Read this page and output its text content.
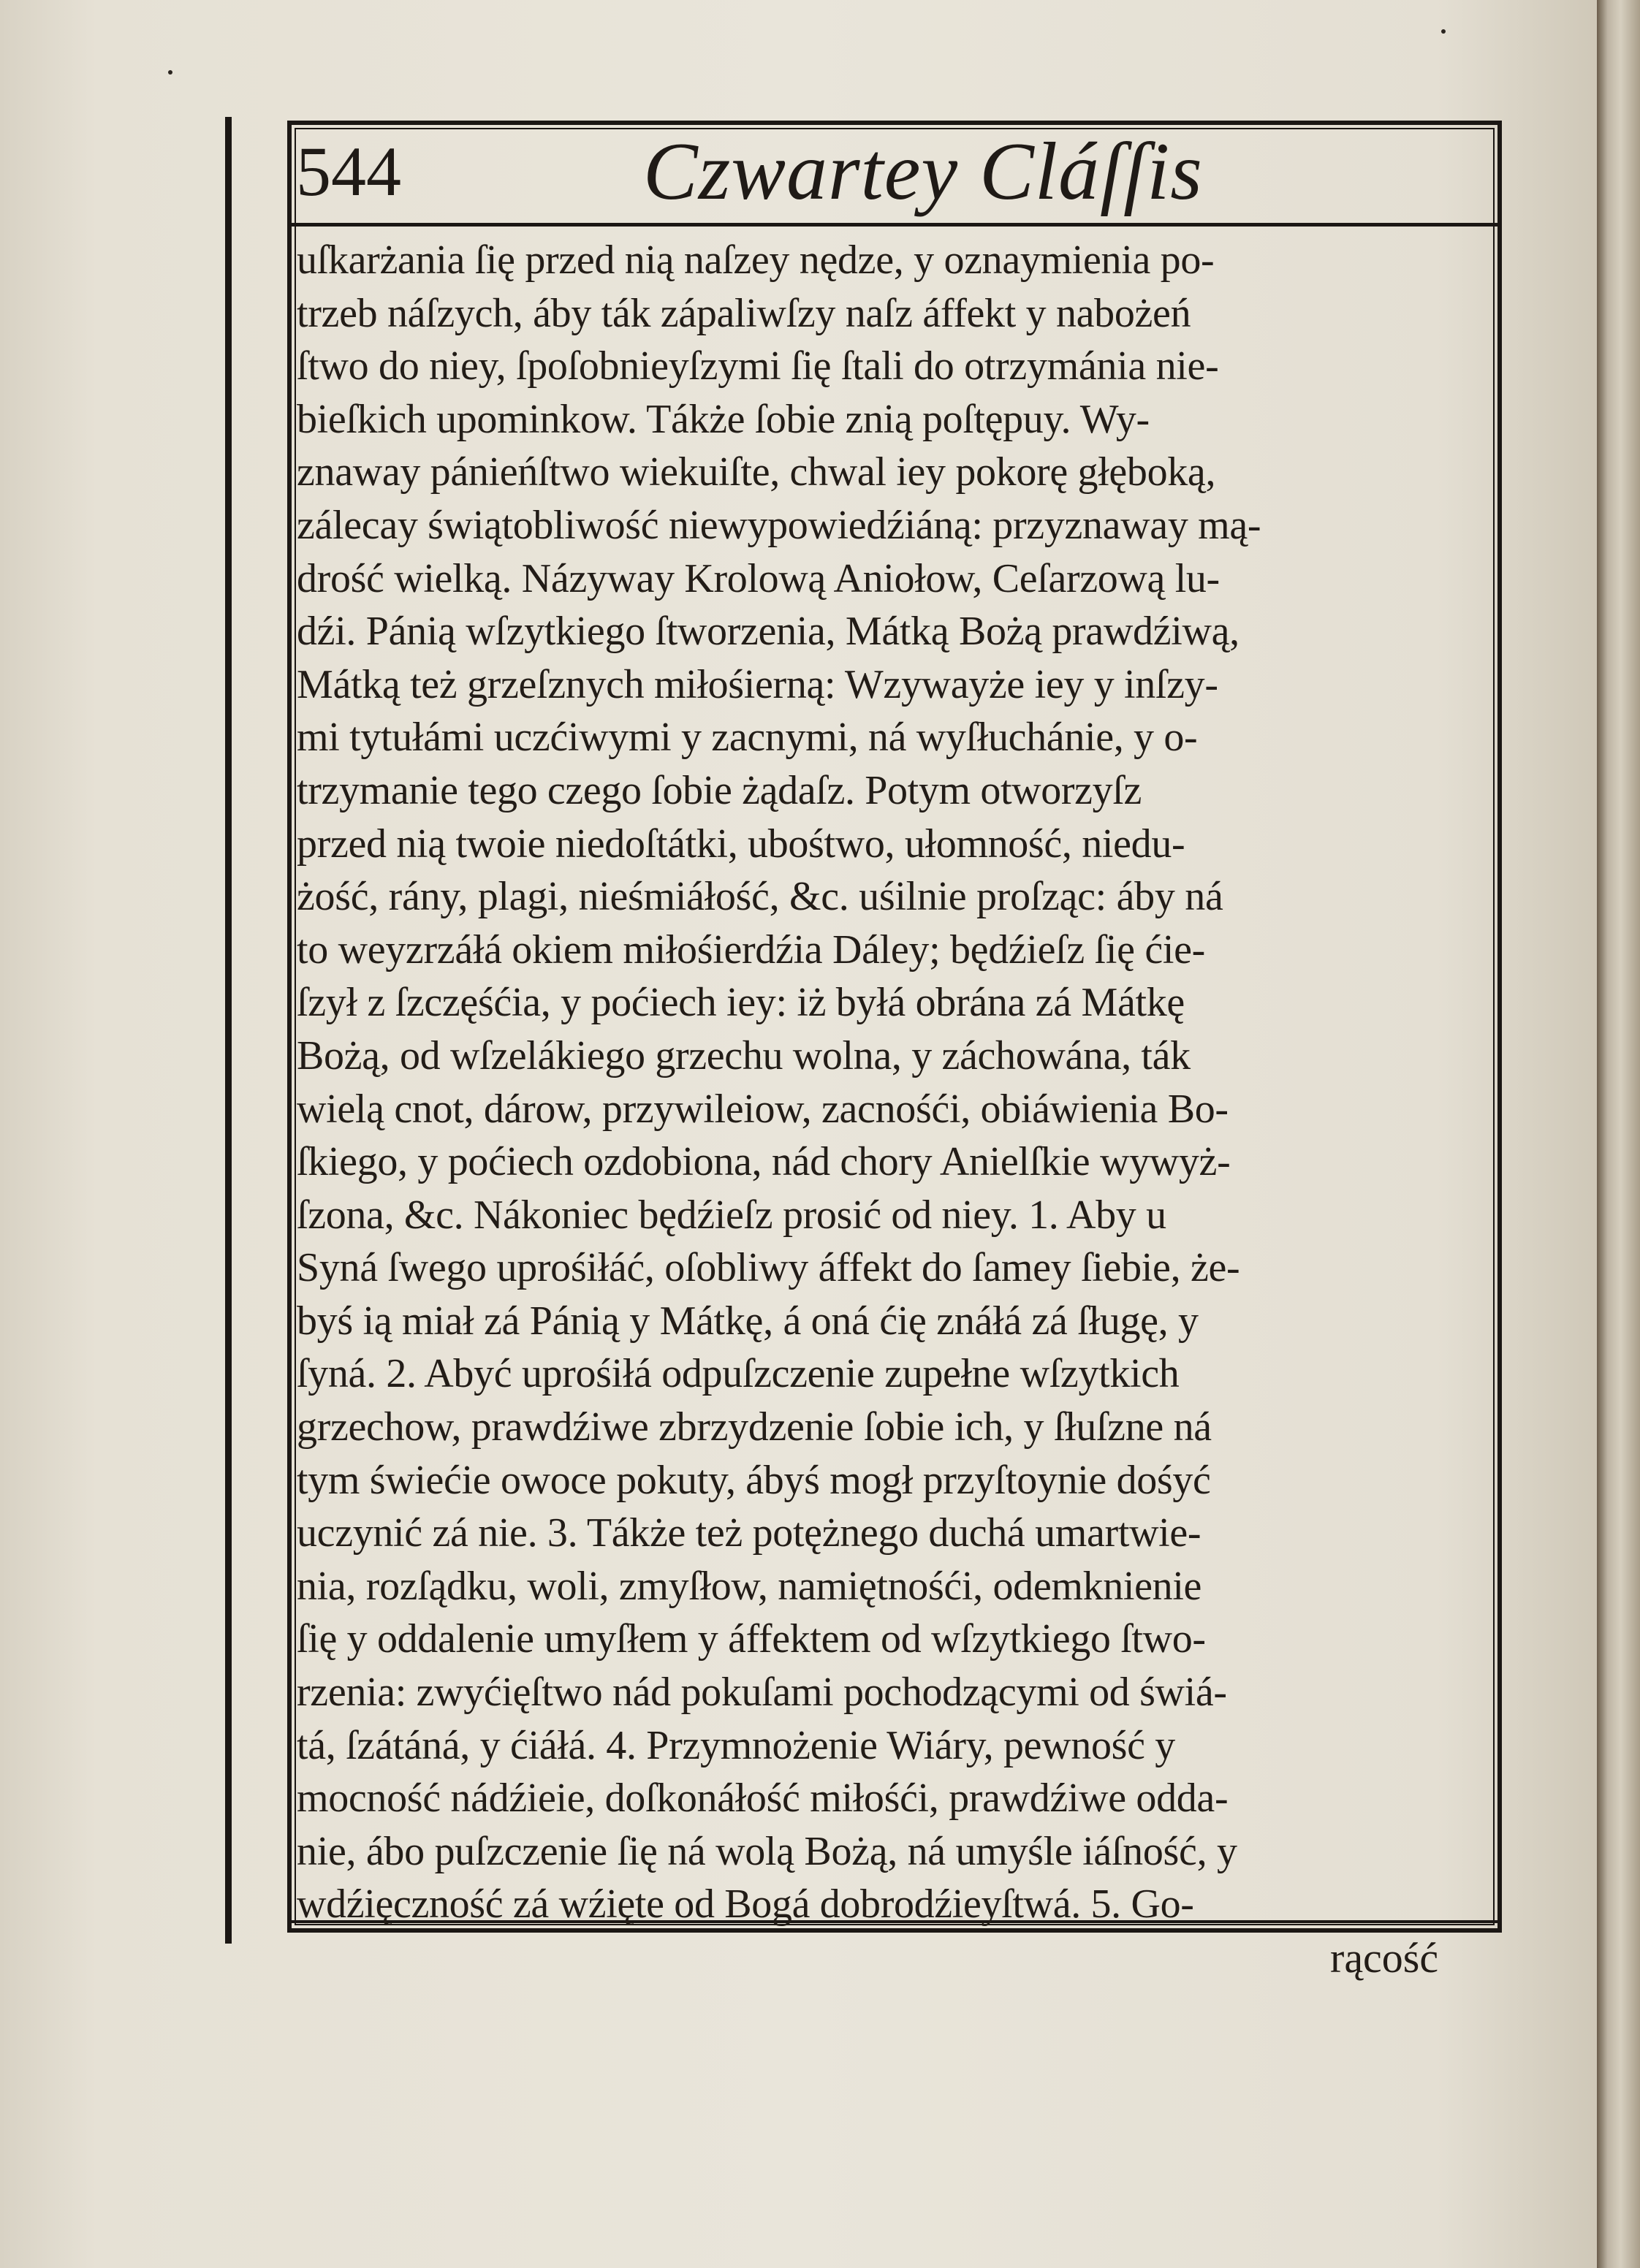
544	Czwartey Cláſſis
uſkarżania ſię przed nią naſzey nędze, y oznaymienia po-
trzeb náſzych, áby ták zápaliwſzy naſz áffekt y nabożeń
ſtwo do niey, ſpoſobnieyſzymi ſię ſtali do otrzymánia nie-
bieſkich upominkow. Tákże ſobie znią poſtępuy. Wy-
znaway pánieńſtwo wiekuiſte, chwal iey pokorę głęboką,
zálecay świątobliwość niewypowiedźiáną: przyznaway mą-
drość wielką. Názyway Krolową Aniołow, Ceſarzową lu-
dźi. Pánią wſzytkiego ſtworzenia, Mátką Bożą prawdźiwą,
Mátką też grzeſznych miłośierną: Wzywayże iey y inſzy-
mi tytułámi uczćiwymi y zacnymi, ná wyſłuchánie, y o-
trzymanie tego czego ſobie żądaſz. Potym otworzyſz
przed nią twoie niedoſtátki, ubośtwo, ułomność, niedu-
żość, rány, plagi, nieśmiáłość, &c. uśilnie proſząc: áby ná
to weyzrzáłá okiem miłośierdźia Dáley; będźieſz ſię ćie-
ſzył z ſzczęśćia, y poćiech iey: iż byłá obrána zá Mátkę
Bożą, od wſzelákiego grzechu wolna, y záchowána, ták
wielą cnot, dárow, przywileiow, zacnośći, obiáwienia Bo-
ſkiego, y poćiech ozdobiona, nád chory Anielſkie wywyż-
ſzona, &c. Nákoniec będźieſz prosić od niey. 1. Aby u
Syná ſwego uprośiłáć, oſobliwy áffekt do ſamey ſiebie, że-
byś ią miał zá Pánią y Mátkę, á oná ćię znáłá zá ſługę, y
ſyná. 2. Abyć uprośiłá odpuſzczenie zupełne wſzytkich
grzechow, prawdźiwe zbrzydzenie ſobie ich, y ſłuſzne ná
tym świećie owoce pokuty, ábyś mogł przyſtoynie dośyć
uczynić zá nie. 3. Tákże też potężnego duchá umartwie-
nia, rozſądku, woli, zmyſłow, namiętnośći, odemknienie
ſię y oddalenie umyſłem y áffektem od wſzytkiego ſtwo-
rzenia: zwyćięſtwo nád pokuſami pochodzącymi od świá-
tá, ſzátáná, y ćiáłá. 4. Przymnożenie Wiáry, pewność y
mocność nádźieie, doſkonáłość miłośći, prawdźiwe odda-
nie, ábo puſzczenie ſię ná wolą Bożą, ná umyśle iáſność, y
wdźięczność zá wźięte od Bogá dobrodźieyſtwá. 5. Go-
rącość
